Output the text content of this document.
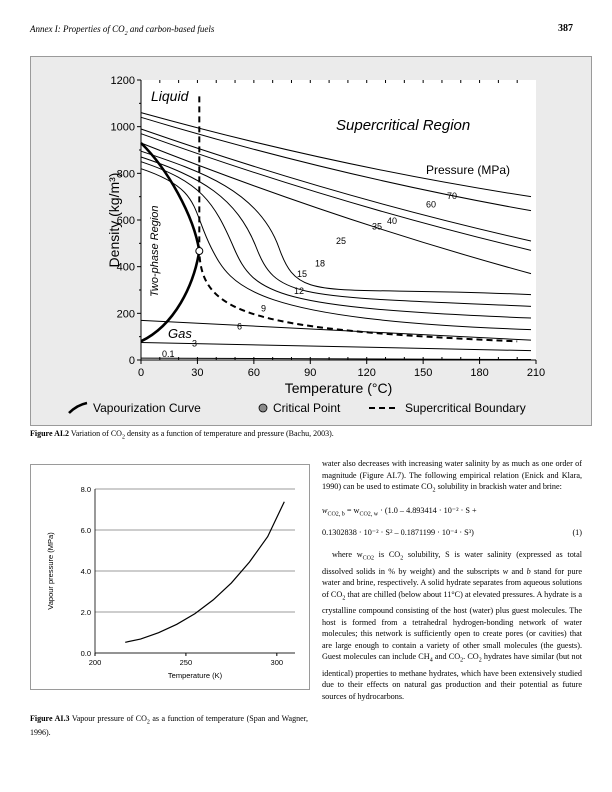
Annex I: Properties of $CO_2$ and carbon-based fuels	387
0
200
400
600
800
1000
1200
0	30	60	90	120	150	180	210
Temperature (°C)
Density (kg/m³)
0.1
3
6
9
12
15
18
25
35
40
60
70
Liquid
Supercritical Region
Two-phase Region
Gas
Pressure (MPa)
Vapourization Curve	Critical Point	Supercritical Boundary
Figure AI.2 Variation of $CO_2$ density as a function of temperature and pressure (Bachu, 2003).
0.0
2.0
4.0
6.0
8.0
200	250	300
Temperature (K)
Vapour pressure (MPa)
Figure AI.3 Vapour pressure of $CO_2$ as a function of temperature (Span and Wagner, 1996).

water also decreases with increasing water salinity by as much as one order of magnitude (Figure AI.7). The following empirical relation (Enick and Klara, 1990) can be used to estimate $CO_2$ solubility in brackish water and brine:

$w_{CO2, b} = w_{CO2, w} \cdot (1.0 - 4.893414 \cdot 10^{-2} \cdot S$ +
0.1302838 · 10⁻² · S² – 0.1871199 · 10⁻⁴ · S³)	(1)

where $w_{CO2}$ is $CO_2$ solubility, S is water salinity (expressed as total dissolved solids in % by weight) and the subscripts w and b stand for pure water and brine, respectively. A solid hydrate separates from aqueous solutions of $CO_2$ that are chilled (below about 11°C) at elevated pressures. A hydrate is a crystalline compound consisting of the host (water) plus guest molecules. The host is formed from a tetrahedral hydrogen-bonding network of water molecules; this network is sufficiently open to create pores (or cavities) that are large enough to contain a variety of other small molecules (the guests). Guest molecules can include $CH_4$ and $CO_2$. $CO_2$ hydrates have similar (but not identical) properties to methane hydrates, which have been extensively studied due to their effects on natural gas production and their potential as future sources of hydrocarbons.
